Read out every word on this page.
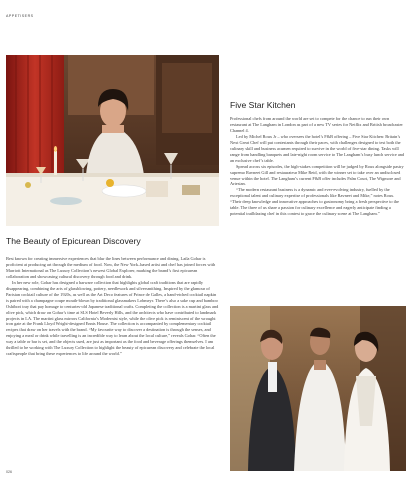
APPETISERS
The Beauty of Epicurean Discovery

Best known for creating immersive experiences that blur the lines between performance and dining, Laila Gohar is proficient at producing art through the medium of food. Now, the New York–based artist and chef has joined forces with Marriott International as The Luxury Collection’s newest Global Explorer, marking the brand’s first epicurean collaboration and showcasing cultural discovery through food and drink.

In her new role, Gohar has designed a barware collection that highlights global craft traditions that are rapidly disappearing, combining the arts of glassblowing, pottery, needlework and silversmithing. Inspired by the glamour of Parisian cocktail culture of the 1920s, as well as the Art Deco features of Prince de Galles, a hand-etched cocktail napkin is paired with a champagne coupe mouth-blown by traditional glassmakers Lobmeyr. There’s also a sake cup and bamboo Oshibori tray that pay homage to centuries-old Japanese traditional crafts. Completing the collection is a martini glass and olive pick, which draw on Gohar’s time at SLS Hotel Beverly Hills, and the architects who have contributed to landmark projects in LA. The martini glass mirrors California’s Modernist style, while the olive pick is reminiscent of the wrought iron gate at the Frank Lloyd Wright-designed Ennis House. The collection is accompanied by complementary cocktail recipes that draw on her travels with the brand. “My favourite way to discover a destination is through the senses, and enjoying a meal or drink while travelling is an incredible way to learn about the local culture,” reveals Gohar. “Often the way a table or bar is set, and the objects used, are just as important as the food and beverage offerings themselves. I am thrilled to be working with The Luxury Collection to highlight the beauty of epicurean discovery and celebrate the local craftspeople that bring these experiences to life around the world.”

Five Star Kitchen

Professional chefs from around the world are set to compete for the chance to run their own restaurant at The Langham in London as part of a new TV series for Netflix and British broadcaster Channel 4.

Led by Michel Roux Jr – who oversees the hotel’s F&B offering – Five Star Kitchen: Britain’s Next Great Chef will put contestants through their paces, with challenges designed to test both the culinary skill and business acumen required to survive in the world of five-star dining. Tasks will range from handling banquets and late-night room service to The Langham’s busy lunch service and an exclusive chef’s table.

Spread across six episodes, the high-stakes competition will be judged by Roux alongside pastry supremo Ravneet Gill and restaurateur Mike Reid, with the winner set to take over an undisclosed venue within the hotel. The Langham’s current F&B offer includes Palm Court, The Wigmore and Artesian.

“The modern restaurant business is a dynamic and ever-evolving industry, fuelled by the exceptional talent and culinary expertise of professionals like Ravneet and Mike,” notes Roux. “Their deep knowledge and innovative approaches to gastronomy bring a fresh perspective to the table. The three of us share a passion for culinary excellence and eagerly anticipate finding a potential trailblazing chef in this contest to grace the culinary scene at The Langham.”

026
